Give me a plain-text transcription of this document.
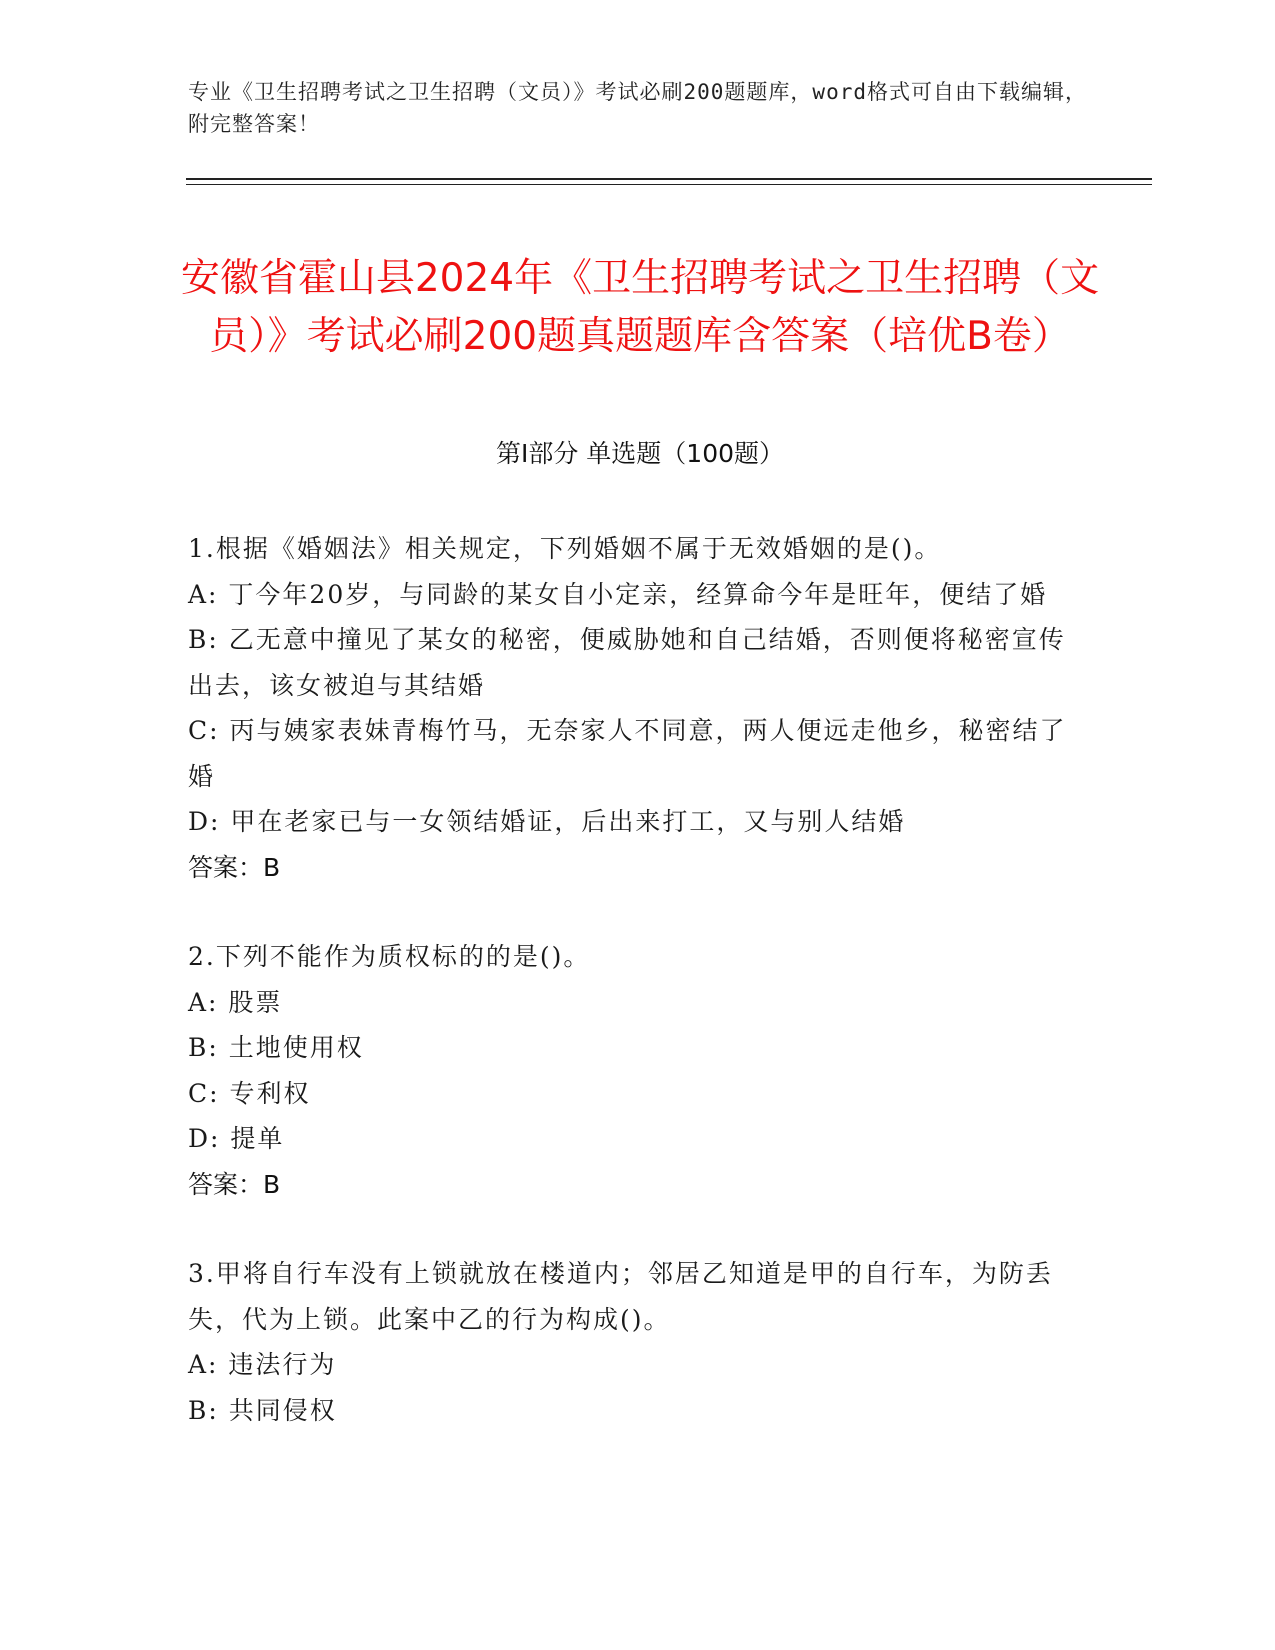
专业《卫生招聘考试之卫生招聘（文员）》考试必刷200题题库，word格式可自由下载编辑，附完整答案！
安徽省霍山县2024年《卫生招聘考试之卫生招聘（文员）》考试必刷200题真题题库含答案（培优B卷）
第I部分 单选题（100题）
1.根据《婚姻法》相关规定，下列婚姻不属于无效婚姻的是()。
A: 丁今年20岁，与同龄的某女自小定亲，经算命今年是旺年，便结了婚
B: 乙无意中撞见了某女的秘密，便威胁她和自己结婚，否则便将秘密宣传出去，该女被迫与其结婚
C: 丙与姨家表妹青梅竹马，无奈家人不同意，两人便远走他乡，秘密结了婚
D: 甲在老家已与一女领结婚证，后出来打工，又与别人结婚
答案：B
2.下列不能作为质权标的的是()。
A: 股票
B: 土地使用权
C: 专利权
D: 提单
答案：B
3.甲将自行车没有上锁就放在楼道内；邻居乙知道是甲的自行车，为防丢失，代为上锁。此案中乙的行为构成()。
A: 违法行为
B: 共同侵权
